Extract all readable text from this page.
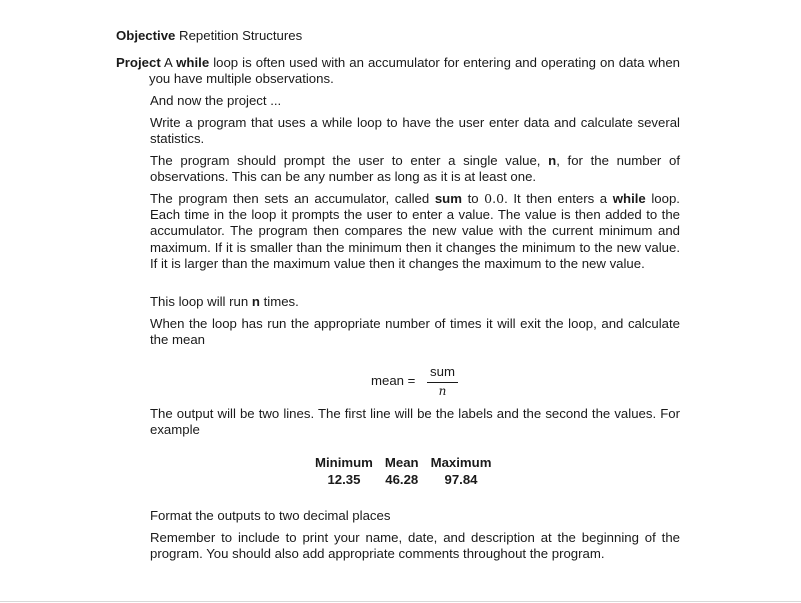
Objective Repetition Structures
Project A while loop is often used with an accumulator for entering and operating on data when you have multiple observations.
And now the project ...
Write a program that uses a while loop to have the user enter data and calculate several statistics.
The program should prompt the user to enter a single value, n, for the number of observations. This can be any number as long as it is at least one.
The program then sets an accumulator, called sum to 0.0. It then enters a while loop. Each time in the loop it prompts the user to enter a value. The value is then added to the accumulator. The program then compares the new value with the current minimum and maximum. If it is smaller than the minimum then it changes the minimum to the new value. If it is larger than the maximum value then it changes the maximum to the new value.
This loop will run n times.
When the loop has run the appropriate number of times it will exit the loop, and calculate the mean
mean =
sum
n
The output will be two lines. The first line will be the labels and the second the values. For example
Minimum	Mean	Maximum
12.35	46.28	97.84
Format the outputs to two decimal places
Remember to include to print your name, date, and description at the beginning of the program. You should also add appropriate comments throughout the program.
